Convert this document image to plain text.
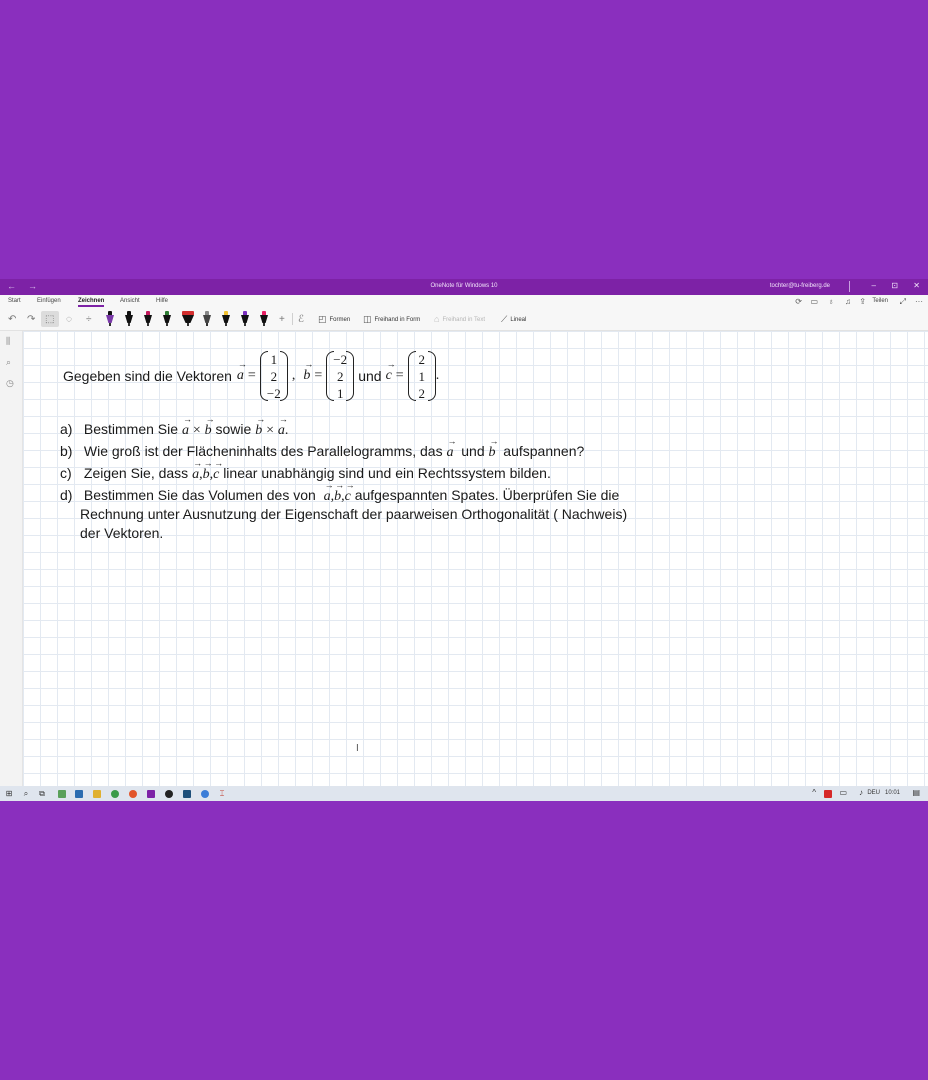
← →	OneNote für Windows 10	tochter@tu-freiberg.de	– ⊡ ✕
Start	Einfügen	Zeichnen	Ansicht	Hilfe	⟳ ▭ ♁ ♫ ⇪ Teilen ⤢ ···
↶ ↷ ⬚ ◌ ÷	+ ℰ ◰ Formen ◫ Freihand in Form ⌂ Freihand in Text ⟋ Lineal
⫼
⌕
◷	Gegeben sind die Vektoren → a =
1
2
−2
, → b =
−2
2
1
und → c =
2
1
2
.
a) Bestimmen Sie → a × → b sowie → b × → a.
b) Wie groß ist der Flächeninhalts des Parallelogramms, das → a und → b aufspannen?
c) Zeigen Sie, dass → a,→ b,→ c linear unabhängig sind und ein Rechtssystem bilden.
d) Bestimmen Sie das Volumen des von → a,→ b,→ c aufgespannten Spates. Überprüfen Sie die
Rechnung unter Ausnutzung der Eigenschaft der paarweisen Orthogonalität ( Nachweis)
der Vektoren.
I
⊞	⌕	⧉	⌶	^	▭ ♪ DEU 10:01 ▤
